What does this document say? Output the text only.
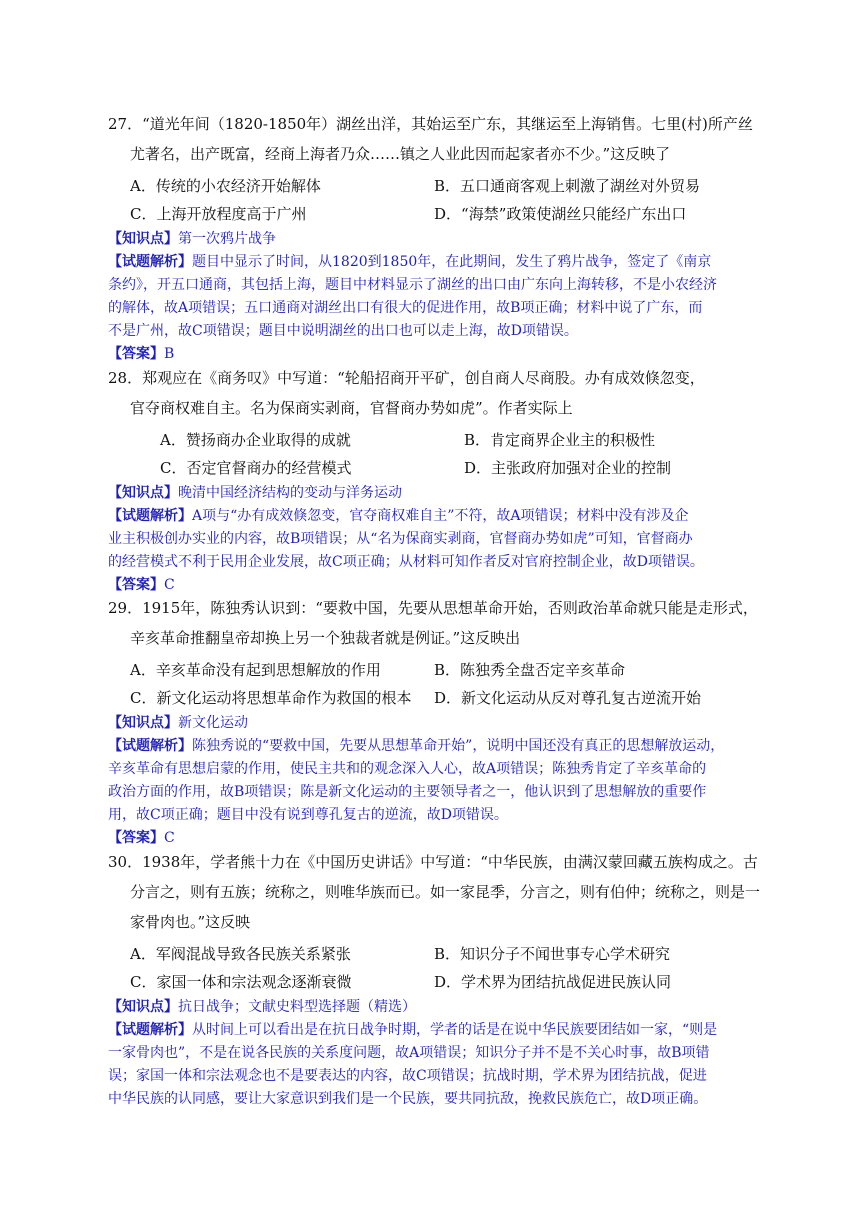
27．“道光年间（1820-1850年）湖丝出洋，其始运至广东，其继运至上海销售。七里(村)所产丝
尤著名，出产既富，经商上海者乃众……镇之人业此因而起家者亦不少。”这反映了
A．传统的小农经济开始解体	B．五口通商客观上刺激了湖丝对外贸易
C．上海开放程度高于广州	D．“海禁”政策使湖丝只能经广东出口
【知识点】第一次鸦片战争
【试题解析】题目中显示了时间，从1820到1850年，在此期间，发生了鸦片战争，签定了《南京
条约》，开五口通商，其包括上海，题目中材料显示了湖丝的出口由广东向上海转移，不是小农经济
的解体，故A项错误；五口通商对湖丝出口有很大的促进作用，故B项正确；材料中说了广东，而
不是广州，故C项错误；题目中说明湖丝的出口也可以走上海，故D项错误。
【答案】B
28．郑观应在《商务叹》中写道：“轮船招商开平矿，创自商人尽商股。办有成效倏忽变，
官夺商权难自主。名为保商实剥商，官督商办势如虎”。作者实际上
A．赞扬商办企业取得的成就	B．肯定商界企业主的积极性
C．否定官督商办的经营模式	D．主张政府加强对企业的控制
【知识点】晚清中国经济结构的变动与洋务运动
【试题解析】A项与“办有成效倏忽变，官夺商权难自主”不符，故A项错误；材料中没有涉及企
业主积极创办实业的内容，故B项错误；从“名为保商实剥商，官督商办势如虎”可知，官督商办
的经营模式不利于民用企业发展，故C项正确；从材料可知作者反对官府控制企业，故D项错误。
【答案】C
29．1915年，陈独秀认识到：“要救中国，先要从思想革命开始，否则政治革命就只能是走形式，
辛亥革命推翻皇帝却换上另一个独裁者就是例证。”这反映出
A．辛亥革命没有起到思想解放的作用	B．陈独秀全盘否定辛亥革命
C．新文化运动将思想革命作为救国的根本 D．新文化运动从反对尊孔复古逆流开始
【知识点】新文化运动
【试题解析】陈独秀说的“要救中国，先要从思想革命开始”，说明中国还没有真正的思想解放运动，
辛亥革命有思想启蒙的作用，使民主共和的观念深入人心，故A项错误；陈独秀肯定了辛亥革命的
政治方面的作用，故B项错误；陈是新文化运动的主要领导者之一，他认识到了思想解放的重要作
用，故C项正确；题目中没有说到尊孔复古的逆流，故D项错误。
【答案】C
30．1938年，学者熊十力在《中国历史讲话》中写道：“中华民族，由满汉蒙回藏五族构成之。古
分言之，则有五族；统称之，则唯华族而已。如一家昆季，分言之，则有伯仲；统称之，则是一
家骨肉也。”这反映
A．军阀混战导致各民族关系紧张	B．知识分子不闻世事专心学术研究
C．家国一体和宗法观念逐渐衰微	D．学术界为团结抗战促进民族认同
【知识点】抗日战争；文献史料型选择题（精选）
【试题解析】从时间上可以看出是在抗日战争时期，学者的话是在说中华民族要团结如一家，“则是
一家骨肉也”，不是在说各民族的关系度问题，故A项错误；知识分子并不是不关心时事，故B项错
误；家国一体和宗法观念也不是要表达的内容，故C项错误；抗战时期，学术界为团结抗战，促进
中华民族的认同感，要让大家意识到我们是一个民族，要共同抗敌，挽救民族危亡，故D项正确。
